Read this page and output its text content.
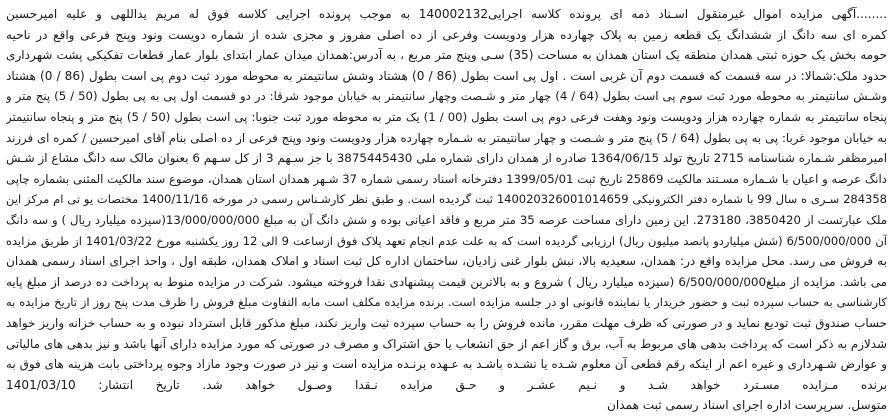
........آگهی مزایده اموال غیرمنقول اسـناد ذمه ای پرونده کلاسه اجرایی140002132 به موجب پرونده اجرایی کلاسه فوق له مریم یداللهی و علیه امیرحسین
کمره ای سه دانگ از ششدانگ یک قطعه زمین به پلاک چهارده هزار ودویست وفرعی از ده اصلی مفروز و مجزی شده از شماره دویست ونود وپنج فرعی واقع در ناحیه
حومه بخش یک حوزه ثبتی همدان منطقه یک استان همدان به مساحت (35) سـی وپنج متر مربع ، به آدرس:همدان میدان عمار ابتدای بلوار عمار قطعات تفکیکی پشت شهرداری
حدود ملک:شمالا: در سه قسمت که قسمت دوم آن غربی است . اول پی است بطول (86 / 0) هشتاد وشش سانتیمتر به محوطه مورد ثبت دوم پی است بطول (86 / 0) هشتاد
وشـش سانتیمتر به محوطه مورد ثبت سوم پی است بطول (64 / 4) چهار متر و شـصت وچهار سانتیمتر به خیابان موجود شرقا: در دو قسمت اول پی به پی بطول (50 / 5) پنج متر و
پنجاه سانتیمتر به شماره چهارده هزار ودویست ونود وهفت فرعی دوم پی است بطول (00 / 1) یک متر به محوطه مورد ثبت جنوبا: پی است بطول (50 / 5) پنج متر و پنجاه سانتیمتر
به خیابان موجود غربا: پی به پی بطول (64 / 5) پنج متر و شـصت و چهار سانتیمتر به شـماره چهارده هزار ودویست ونود وپنج فرعی از ده اصلی بنام آقای امیرحسین / کمره ای فرزند
امیرمظفر شـماره شناسنامه 2715 تاریخ تولد 1364/06/15 صادره از همدان دارای شماره ملی 3875445430 با جز سـهم 3 از کل سـهم 6 بعنوان مالک سه دانگ مشاع از شـش
دانگ عرصه و اعیان با شـماره مسـتند مالکیت 25869 تاریخ ثبت 1399/05/01 دفترخانه اسناد رسمی شماره 37 شـهر همدان استان همدان، موضوع سند مالکیت المثنی بشماره چاپی
284358 سـری ه سال 99 با شماره دفتر الکترونیکی 140020326001014659 ثبت گردیده است. و طبق نظر کارشـناس رسمی در مورخه 1400/11/16 مختصات یو تی ام مرکز این
ملک عبارتست از 3850420، 273180. این زمین دارای مساحت عرصه 35 متر مربع و فاقد اعیانی بوده و شش دانگ آن به مبلغ 13/000/000/000(سیزده میلیارد ریال ) و سه دانگ
آن 6/500/000/000 (شش میلیاردو پانصد میلیون ریال) ارزیابی گردیده است که به علت عدم انجام تعهد پلاک فوق ازساعت 9 الی 12 روز یکشنبه مورخ 1401/03/22 از طریق مزایده
به فروش می رسد. محل مزایده واقع در: همدان، سعیدیه بالا، نبش بلوار غنی زادیان، ساختمان اداره کل ثبت اسناد و املاک همدان، طبقه اول ، واحد اجرای اسناد رسمی همدان
می باشد. مزایده از مبلغ6/500/000/000 (سیزده میلیارد ریال ) شروع و به بالاترین قیمت پیشنهادی نقدا فروخته میشود. شرکت در مزایده منوط به پرداخت ده درصد از مبلغ پایه
کارشناسی به حساب سپرده ثبت و حضور خریدار یا نماینده قانونی او در جلسه مزایده است. برنده مزایده مکلف است مابه التفاوت مبلغ فروش را ظرف مدت پنج روز از تاریخ مزایده به
حساب صندوق ثبت تودیع نماید و در صورتی که ظرف مهلت مقرر، مانده فروش را به حساب سپرده ثبت واریز نکند، مبلغ مذکور قابل استرداد نبوده و به حساب خزانه واریز خواهد
شدلازم به ذکر است که پرداخت بدهی های مربوط به آب، برق و گاز اعم از حق انشعاب یا حق اشتراک و مصرف در صورتی که مورد مزایده دارای آنها باشد و نیز بدهی های مالیاتی
و عوارض شـهرداری و غیره اعم از اینکه رقم قطعی آن معلوم شـده یا نشـده باشـد به عـهده برنـده مزایده است و نیز در صورت وجود مازاد وجوه پرداختی بابت هزینه های فوق به
برنده مـزایده مسـترد خواهد شـد و نـیم عشـر و حـق مزایده نـقدا وصـول خواهد شد. تاریخ انتشار: 1401/03/10
متوسل. سرپرست اداره اجرای اسناد رسمی ثبت همدان
